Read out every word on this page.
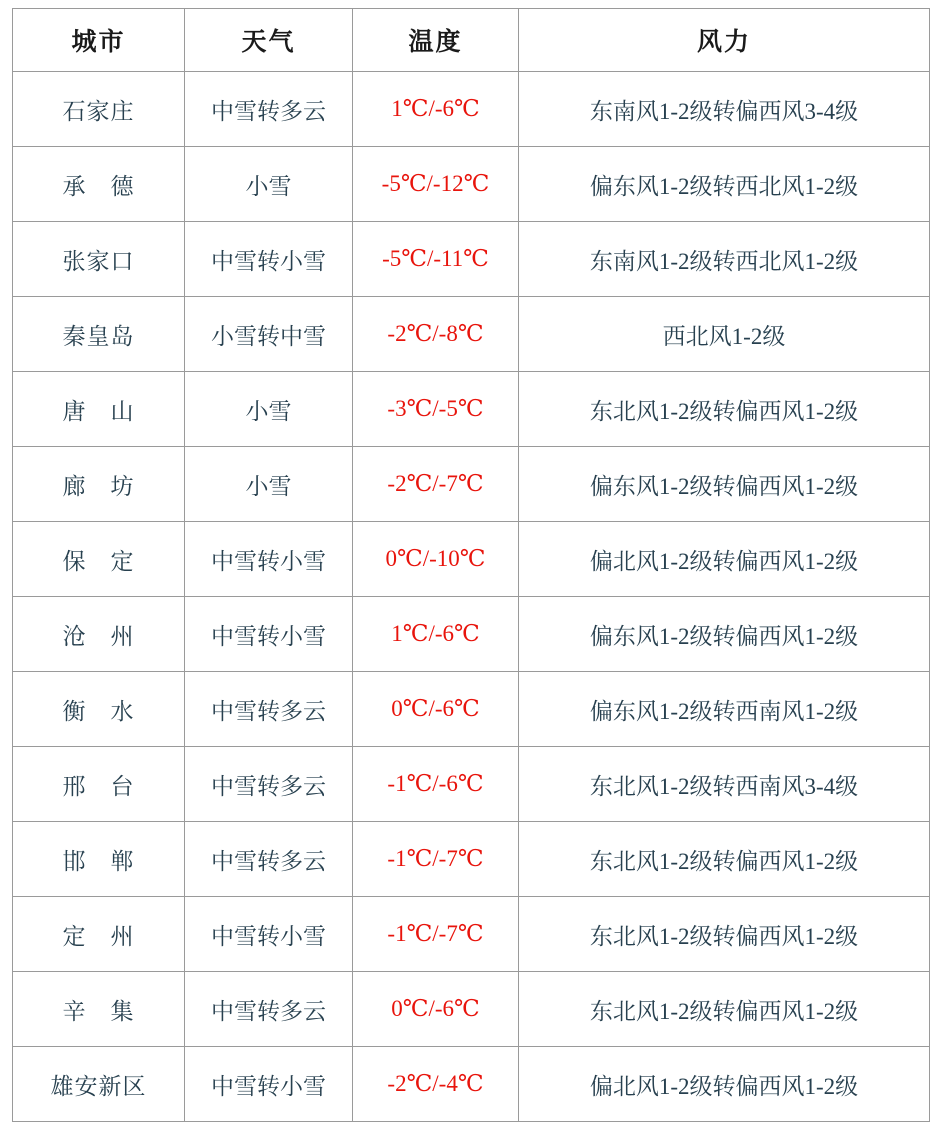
城市	天气	温度	风力
石家庄	中雪转多云	1℃/-6℃	东南风1-2级转偏西风3-4级
承　德	小雪	-5℃/-12℃	偏东风1-2级转西北风1-2级
张家口	中雪转小雪	-5℃/-11℃	东南风1-2级转西北风1-2级
秦皇岛	小雪转中雪	-2℃/-8℃	西北风1-2级
唐　山	小雪	-3℃/-5℃	东北风1-2级转偏西风1-2级
廊　坊	小雪	-2℃/-7℃	偏东风1-2级转偏西风1-2级
保　定	中雪转小雪	0℃/-10℃	偏北风1-2级转偏西风1-2级
沧　州	中雪转小雪	1℃/-6℃	偏东风1-2级转偏西风1-2级
衡　水	中雪转多云	0℃/-6℃	偏东风1-2级转西南风1-2级
邢　台	中雪转多云	-1℃/-6℃	东北风1-2级转西南风3-4级
邯　郸	中雪转多云	-1℃/-7℃	东北风1-2级转偏西风1-2级
定　州	中雪转小雪	-1℃/-7℃	东北风1-2级转偏西风1-2级
辛　集	中雪转多云	0℃/-6℃	东北风1-2级转偏西风1-2级
雄安新区	中雪转小雪	-2℃/-4℃	偏北风1-2级转偏西风1-2级
